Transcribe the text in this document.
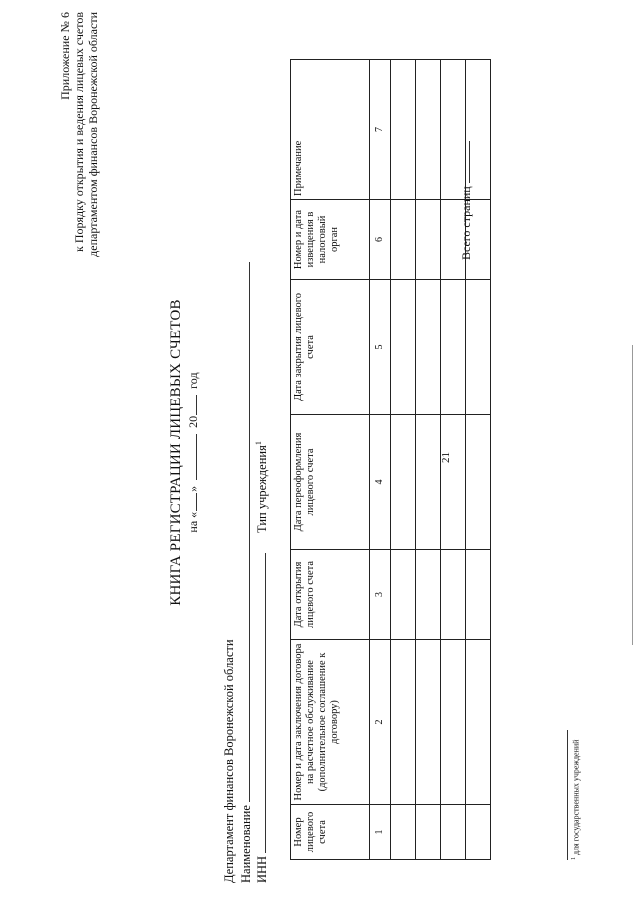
21
Приложение № 6 к Порядку открытия и ведения лицевых счетов департаментом финансов Воронежской области
КНИГА РЕГИСТРАЦИИ ЛИЦЕВЫХ СЧЕТОВ на «»20год
Департамент финансов Воронежской области Наименование ИНН
Тип учреждения$^1$
Номер лицевого счета	Номер и дата заключения договора на расчетное обслуживание (дополнительное соглашение к договору)	Дата открытия лицевого счета	Дата переоформления лицевого счета	Дата закрытия лицевого счета	Номер и дата извещения в налоговый орган	Примечание
1	2	3	4	5	6	7

Всего страниц
$^1$ для государственных учреждений
